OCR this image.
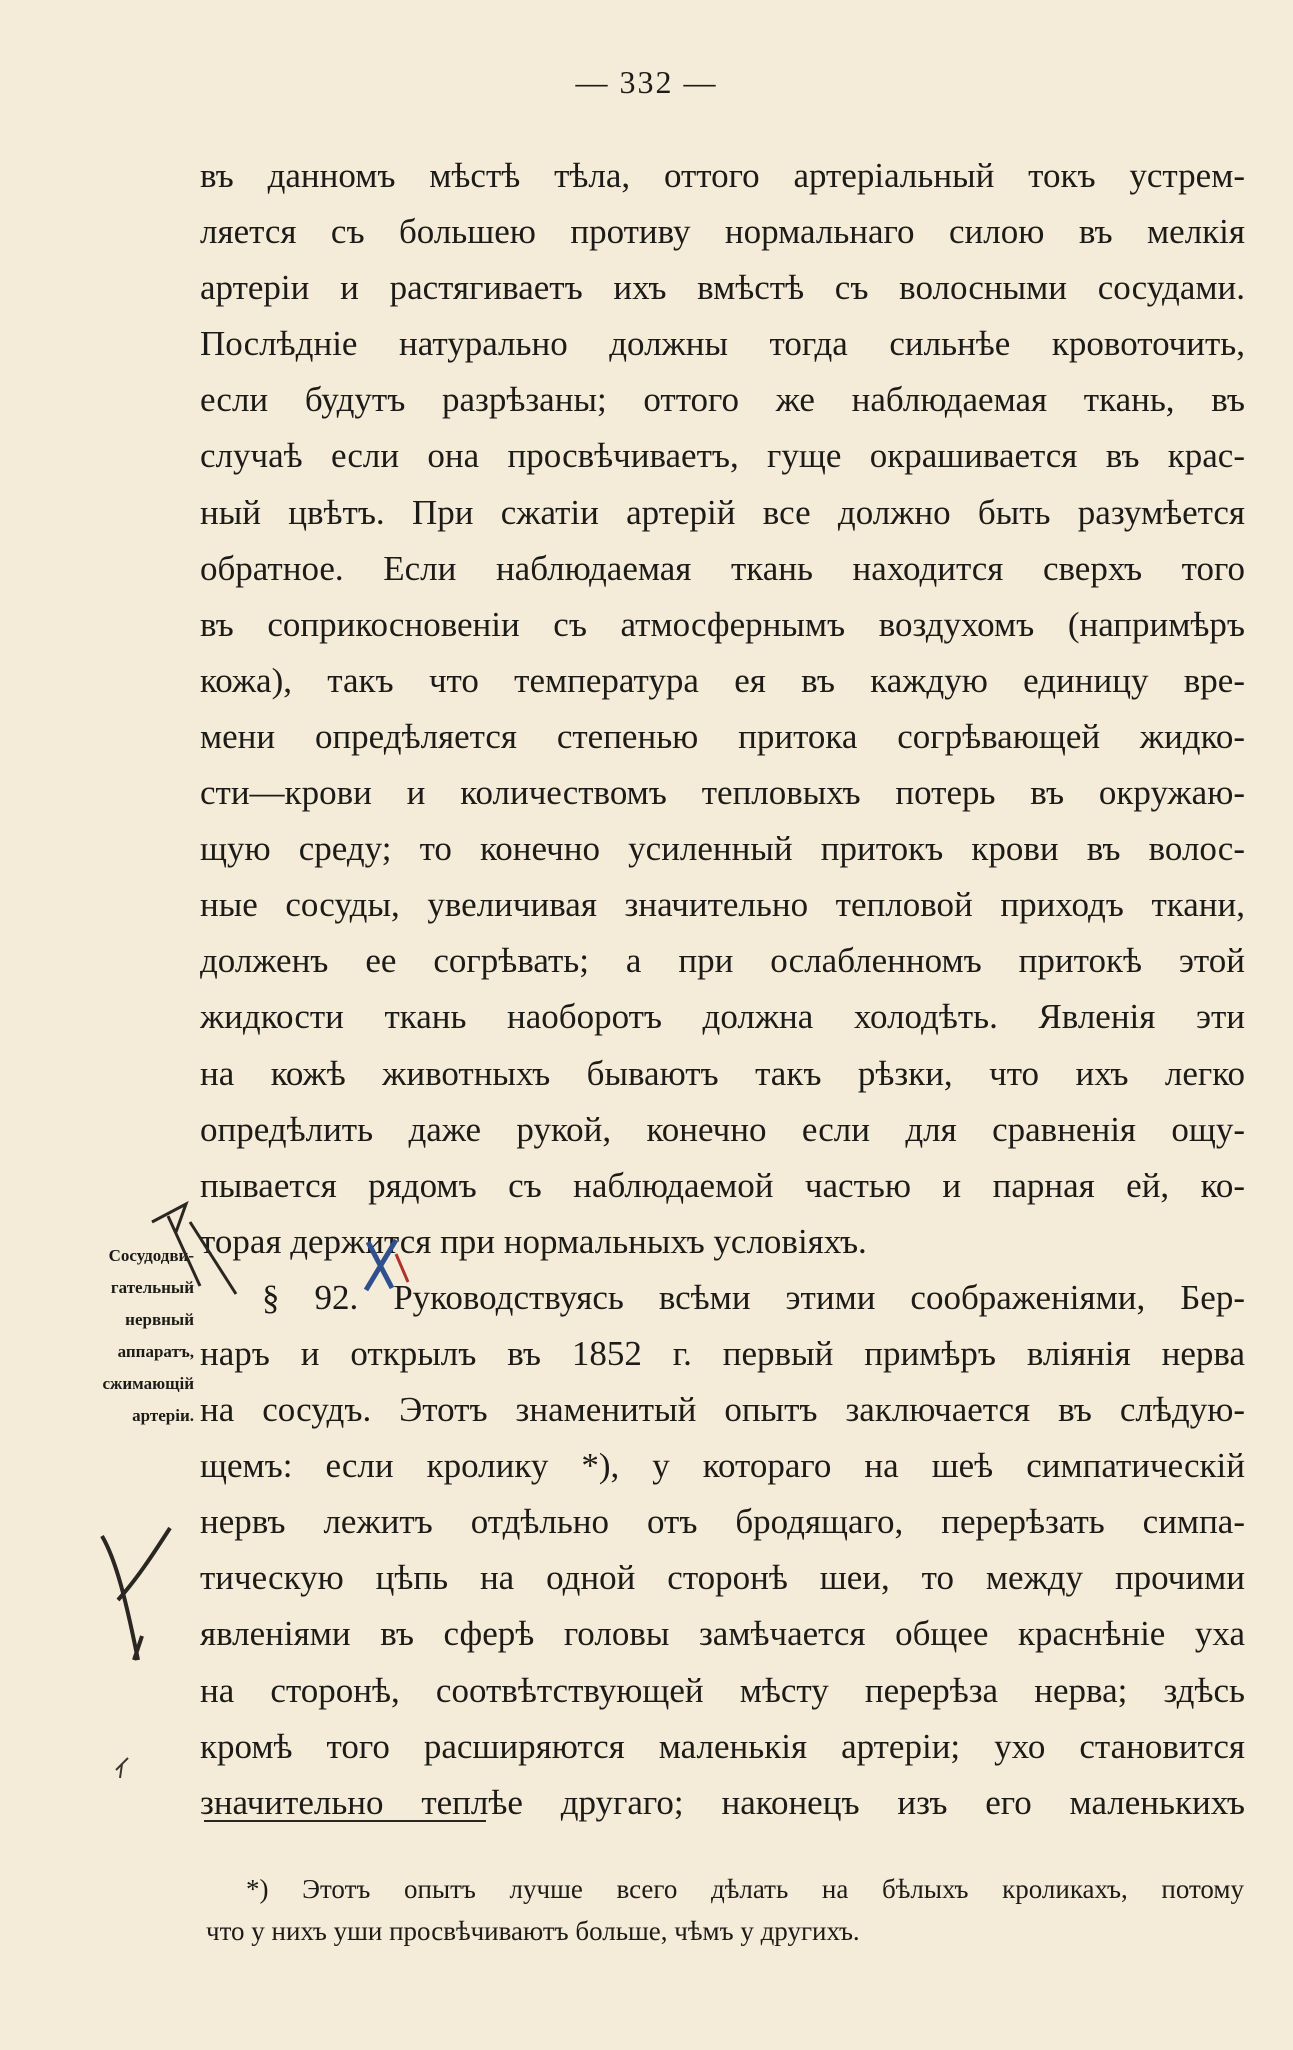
— 332 —
въ данномъ мѣстѣ тѣла, оттого артеріальный токъ устрем-
ляется съ большею противу нормальнаго силою въ мелкія
артеріи и растягиваетъ ихъ вмѣстѣ съ волосными сосудами.
Послѣдніе натурально должны тогда сильнѣе кровоточить,
если будутъ разрѣзаны; оттого же наблюдаемая ткань, въ
случаѣ если она просвѣчиваетъ, гуще окрашивается въ крас-
ный цвѣтъ. При сжатіи артерій все должно быть разумѣется
обратное. Если наблюдаемая ткань находится сверхъ того
въ соприкосновеніи съ атмосфернымъ воздухомъ (напримѣръ
кожа), такъ что температура ея въ каждую единицу вре-
мени опредѣляется степенью притока согрѣвающей жидко-
сти—крови и количествомъ тепловыхъ потерь въ окружаю-
щую среду; то конечно усиленный притокъ крови въ волос-
ные сосуды, увеличивая значительно тепловой приходъ ткани,
долженъ ее согрѣвать; а при ослабленномъ притокѣ этой
жидкости ткань наоборотъ должна холодѣть. Явленія эти
на кожѣ животныхъ бываютъ такъ рѣзки, что ихъ легко
опредѣлить даже рукой, конечно если для сравненія ощу-
пывается рядомъ съ наблюдаемой частью и парная ей, ко-
торая держится при нормальныхъ условіяхъ.
§ 92. Руководствуясь всѣми этими соображеніями, Бер-
наръ и открылъ въ 1852 г. первый примѣръ вліянія нерва
на сосудъ. Этотъ знаменитый опытъ заключается въ слѣдую-
щемъ: если кролику *), у котораго на шеѣ симпатическій
нервъ лежитъ отдѣльно отъ бродящаго, перерѣзать симпа-
тическую цѣпь на одной сторонѣ шеи, то между прочими
явленіями въ сферѣ головы замѣчается общее краснѣніе уха
на сторонѣ, соотвѣтствующей мѣсту перерѣза нерва; здѣсь
кромѣ того расширяются маленькія артеріи; ухо становится
значительно теплѣе другаго; наконецъ изъ его маленькихъ
Сосудодви-
гательный
нервный
аппаратъ,
сжимающій
артеріи.
*) Этотъ опытъ лучше всего дѣлать на бѣлыхъ кроликахъ, потому
что у нихъ уши просвѣчиваютъ больше, чѣмъ у другихъ.
